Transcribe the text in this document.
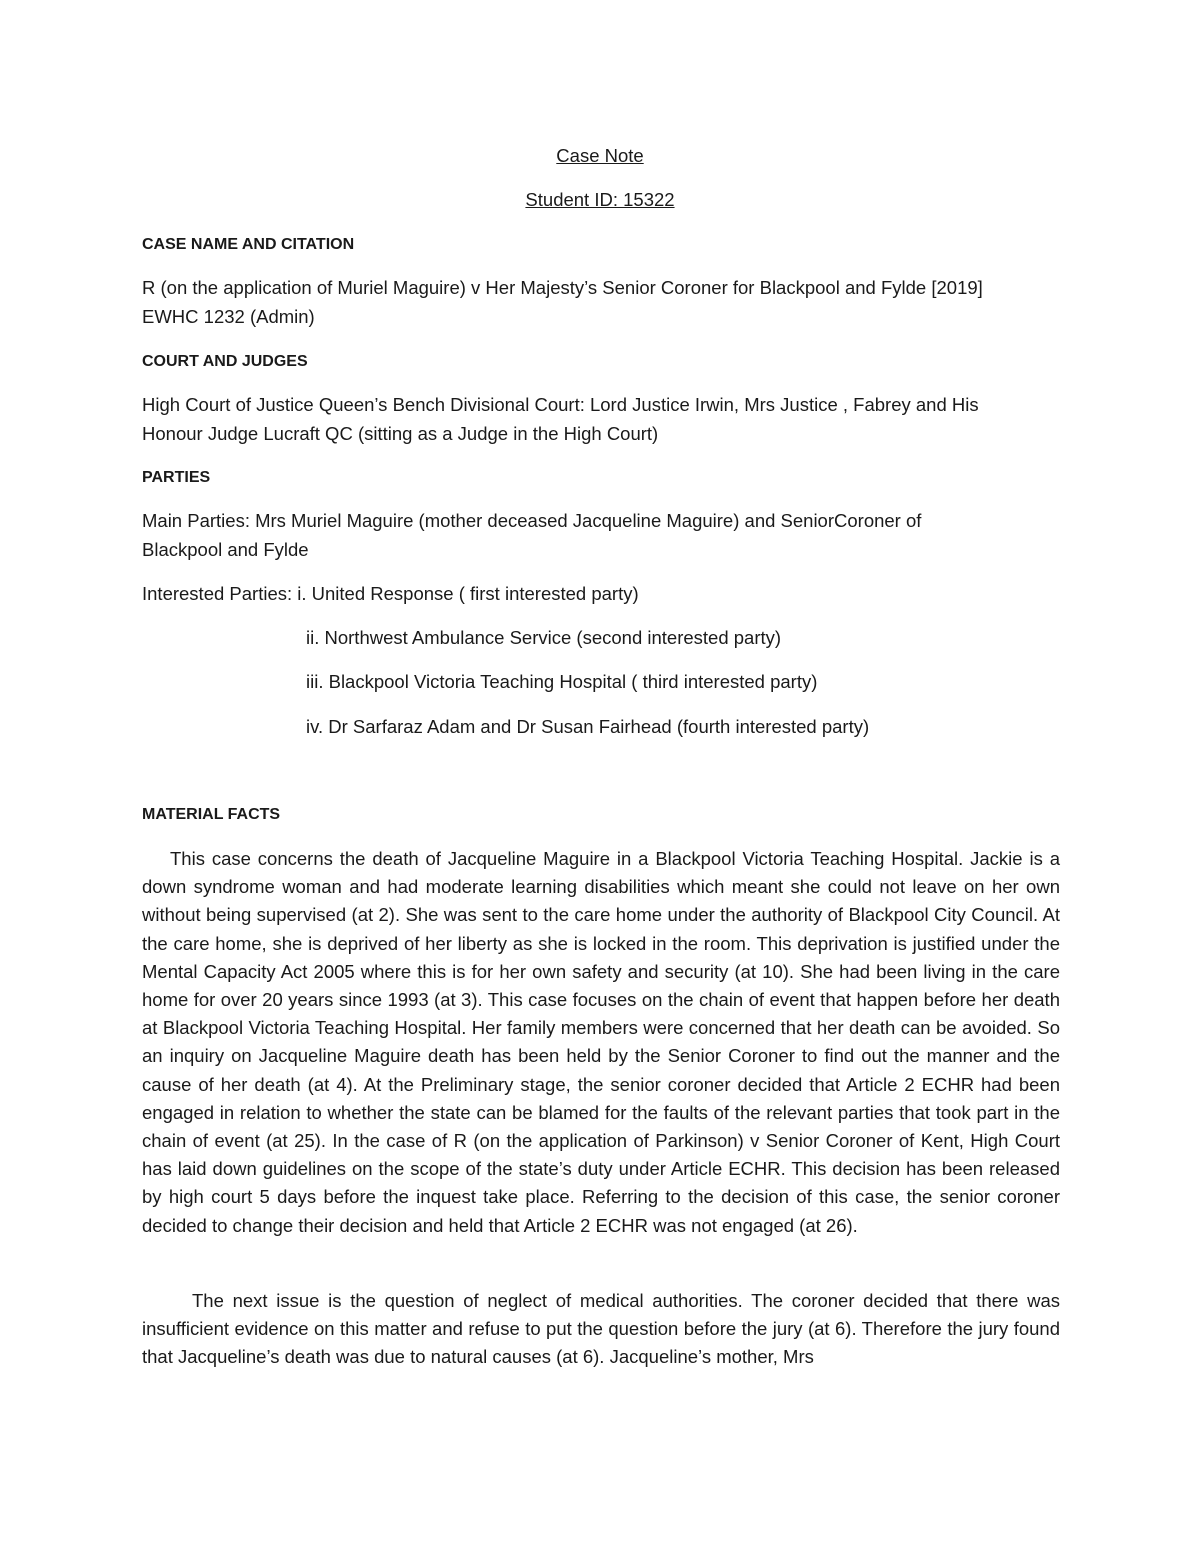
Case Note
Student ID: 15322
CASE NAME AND CITATION
R (on the application of Muriel Maguire) v Her Majesty’s Senior Coroner for Blackpool and Fylde [2019]
EWHC 1232 (Admin)
COURT AND JUDGES
High Court of Justice Queen’s Bench Divisional Court: Lord Justice Irwin, Mrs Justice , Fabrey and His
Honour Judge Lucraft QC (sitting as a Judge in the High Court)
PARTIES
Main Parties: Mrs Muriel Maguire (mother deceased Jacqueline Maguire) and SeniorCoroner of
Blackpool and Fylde
Interested Parties: i. United Response ( first interested party)
ii. Northwest Ambulance Service (second interested party)
iii. Blackpool Victoria Teaching Hospital ( third interested party)
iv. Dr Sarfaraz Adam and Dr Susan Fairhead (fourth interested party)
MATERIAL FACTS
This case concerns the death of Jacqueline Maguire in a Blackpool Victoria Teaching Hospital. Jackie is a down syndrome woman and had moderate learning disabilities which meant she could not leave on her own without being supervised (at 2). She was sent to the care home under the authority of Blackpool City Council. At the care home, she is deprived of her liberty as she is locked in the room. This deprivation is justified under the Mental Capacity Act 2005 where this is for her own safety and security (at 10). She had been living in the care home for over 20 years since 1993 (at 3). This case focuses on the chain of event that happen before her death at Blackpool Victoria Teaching Hospital. Her family members were concerned that her death can be avoided. So an inquiry on Jacqueline Maguire death has been held by the Senior Coroner to find out the manner and the cause of her death (at 4). At the Preliminary stage, the senior coroner decided that Article 2 ECHR had been engaged in relation to whether the state can be blamed for the faults of the relevant parties that took part in the chain of event (at 25). In the case of R (on the application of Parkinson) v Senior Coroner of Kent, High Court has laid down guidelines on the scope of the state’s duty under Article ECHR. This decision has been released by high court 5 days before the inquest take place. Referring to the decision of this case, the senior coroner decided to change their decision and held that Article 2 ECHR was not engaged (at 26).
The next issue is the question of neglect of medical authorities. The coroner decided that there was insufficient evidence on this matter and refuse to put the question before the jury (at 6). Therefore the jury found that Jacqueline’s death was due to natural causes (at 6). Jacqueline’s mother, Mrs
